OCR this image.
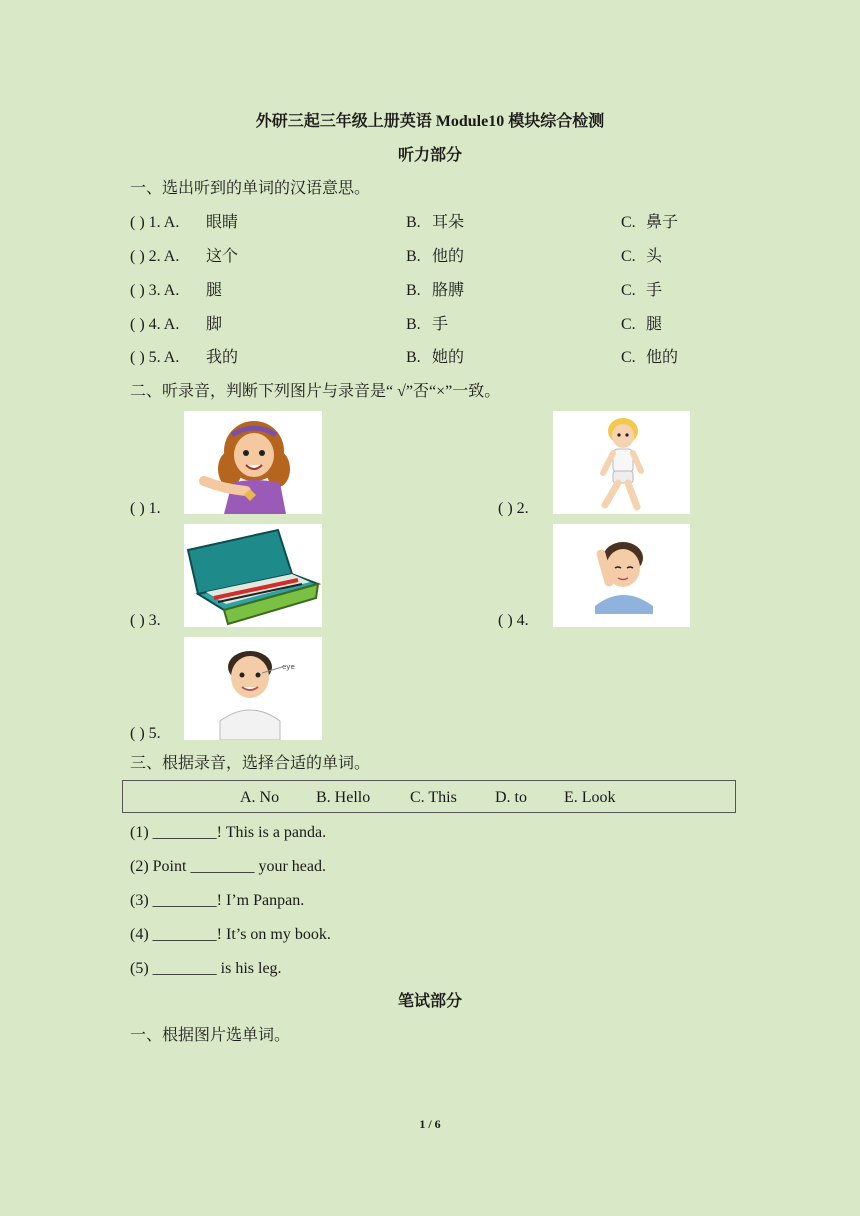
外研三起三年级上册英语 Module10 模块综合检测
听力部分
一、选出听到的单词的汉语意思。
( ) 1. A. 眼睛	B. 耳朵	C. 鼻子
( ) 2. A. 这个	B. 他的	C. 头
( ) 3. A. 腿	B. 胳膊	C. 手
( ) 4. A. 脚	B. 手	C. 腿
( ) 5. A. 我的	B. 她的	C. 他的
二、听录音，判断下列图片与录音是“ √”否“×”一致。
( ) 1.	( ) 2.
( ) 3.	( ) 4.
( ) 5.
eye
三、根据录音，选择合适的单词。
A. No B. Hello C. This D. to E. Look
(1) ________! This is a panda.
(2) Point ________ your head.
(3) ________! I’m Panpan.
(4) ________! It’s on my book.
(5) ________ is his leg.
笔试部分
一、根据图片选单词。
1 / 6
